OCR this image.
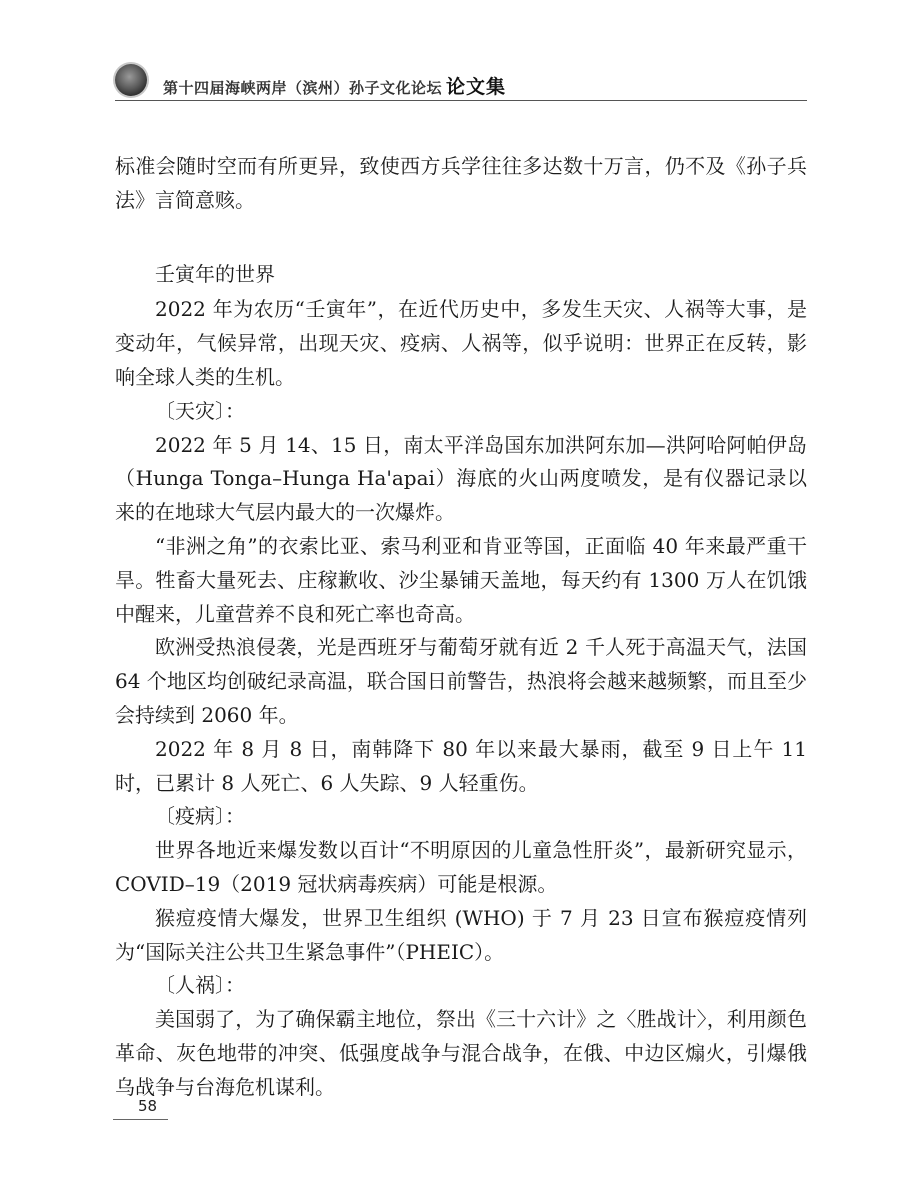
第十四届海峡两岸（滨州）孙子文化论坛 论文集

标准会随时空而有所更异，致使西方兵学往往多达数十万言，仍不及《孙子兵法》言简意赅。

壬寅年的世界

2022 年为农历“壬寅年”，在近代历史中，多发生天灾、人祸等大事，是变动年，气候异常，出现天灾、疫病、人祸等，似乎说明：世界正在反转，影响全球人类的生机。

〔天灾〕：

2022 年 5 月 14、15 日，南太平洋岛国东加洪阿东加—洪阿哈阿帕伊岛（Hunga Tonga–Hunga Ha'apai）海底的火山两度喷发，是有仪器记录以来的在地球大气层内最大的一次爆炸。

“非洲之角”的衣索比亚、索马利亚和肯亚等国，正面临 40 年来最严重干旱。牲畜大量死去、庄稼歉收、沙尘暴铺天盖地，每天约有 1300 万人在饥饿中醒来，儿童营养不良和死亡率也奇高。

欧洲受热浪侵袭，光是西班牙与葡萄牙就有近 2 千人死于高温天气，法国 64 个地区均创破纪录高温，联合国日前警告，热浪将会越来越频繁，而且至少会持续到 2060 年。

2022 年 8 月 8 日，南韩降下 80 年以来最大暴雨，截至 9 日上午 11 时，已累计 8 人死亡、6 人失踪、9 人轻重伤。

〔疫病〕：

世界各地近来爆发数以百计“不明原因的儿童急性肝炎”，最新研究显示，COVID–19（2019 冠状病毒疾病）可能是根源。

猴痘疫情大爆发，世界卫生组织 (WHO) 于 7 月 23 日宣布猴痘疫情列为“国际关注公共卫生紧急事件”（PHEIC）。

〔人祸〕：

美国弱了，为了确保霸主地位，祭出《三十六计》之〈胜战计〉，利用颜色革命、灰色地带的冲突、低强度战争与混合战争，在俄、中边区煽火，引爆俄乌战争与台海危机谋利。

58
